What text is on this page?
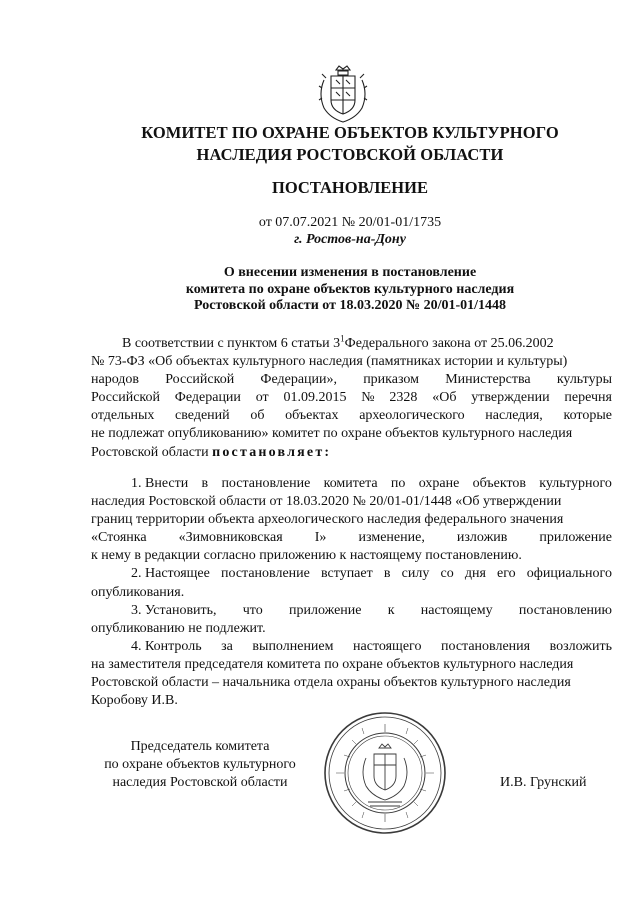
КОМИТЕТ ПО ОХРАНЕ ОБЪЕКТОВ КУЛЬТУРНОГО
НАСЛЕДИЯ РОСТОВСКОЙ ОБЛАСТИ
ПОСТАНОВЛЕНИЕ
от 07.07.2021 № 20/01-01/1735
г. Ростов-на-Дону
О внесении изменения в постановление
комитета по охране объектов культурного наследия
Ростовской области от 18.03.2020 № 20/01-01/1448
В соответствии с пунктом 6 статьи $3^1Федерального$ закона от 25.06.2002
№ 73-ФЗ «Об объектах культурного наследия (памятниках истории и культуры)
народов Российской Федерации», приказом Министерства культуры
Российской Федерации от 01.09.2015 № 2328 «Об утверждении перечня
отдельных сведений об объектах археологического наследия, которые
не подлежат опубликованию» комитет по охране объектов культурного наследия
Ростовской области постановляет:
1. Внести в постановление комитета по охране объектов культурного
наследия Ростовской области от 18.03.2020 № 20/01-01/1448 «Об утверждении
границ территории объекта археологического наследия федерального значения
«Стоянка «Зимовниковская I» изменение, изложив приложение
к нему в редакции согласно приложению к настоящему постановлению.
2. Настоящее постановление вступает в силу со дня его официального
опубликования.
3. Установить, что приложение к настоящему постановлению
опубликованию не подлежит.
4. Контроль за выполнением настоящего постановления возложить
на заместителя председателя комитета по охране объектов культурного наследия
Ростовской области – начальника отдела охраны объектов культурного наследия
Коробову И.В.
Председатель комитета
по охране объектов культурного
наследия Ростовской области	И.В. Грунский
